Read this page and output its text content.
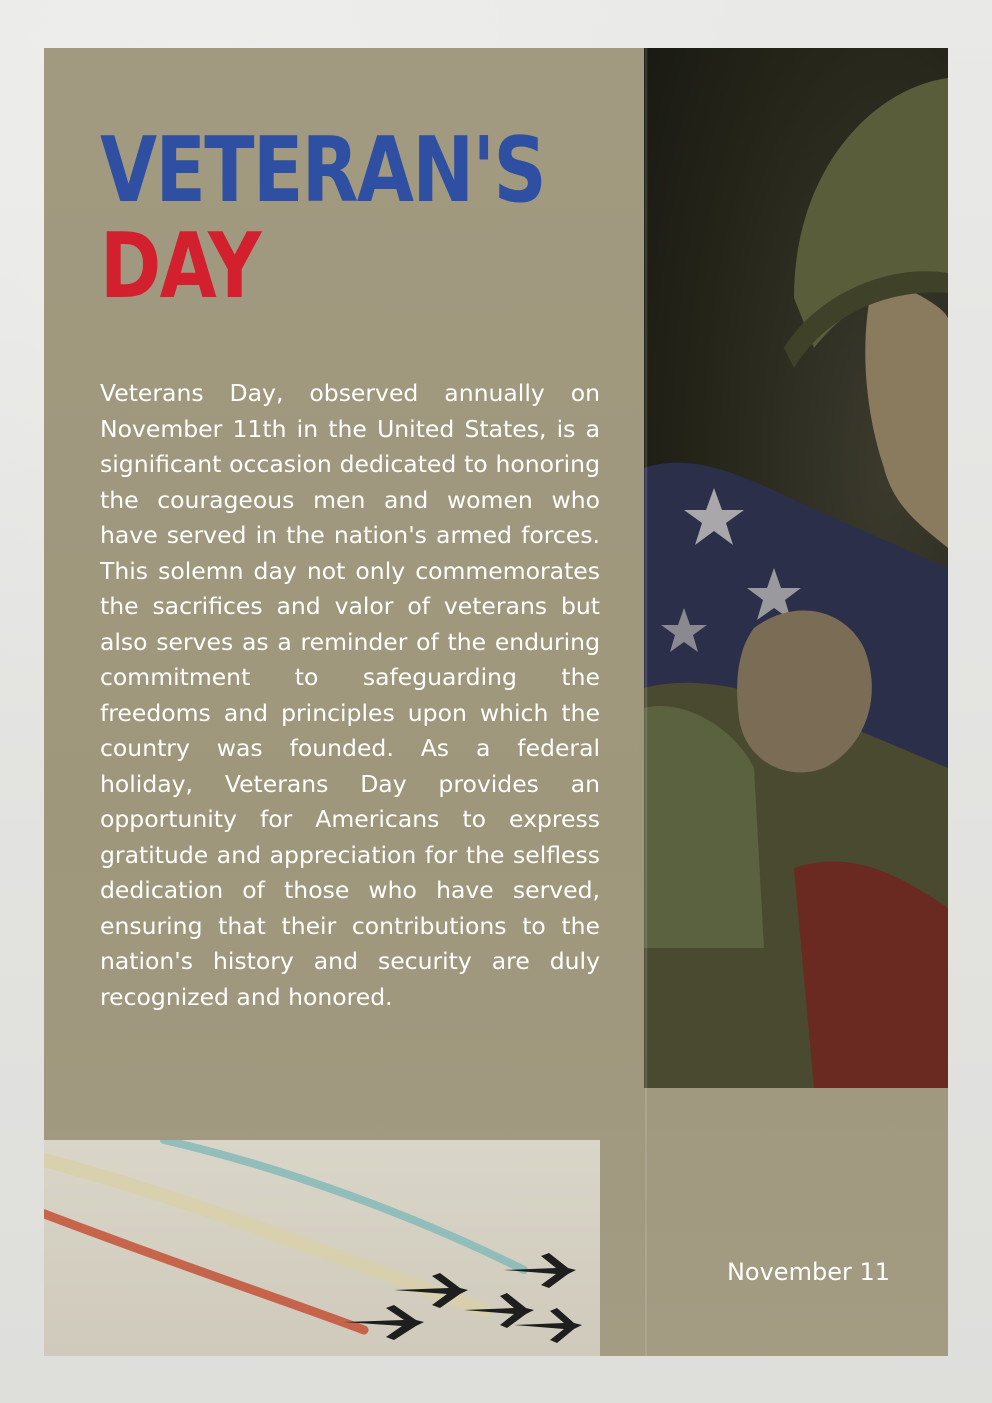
VETERAN'S
DAY

Veterans Day, observed annually on November 11th in the United States, is a significant occasion dedicated to honoring the courageous men and women who have served in the nation's armed forces. This solemn day not only commemorates the sacrifices and valor of veterans but also serves as a reminder of the enduring commitment to safeguarding the freedoms and principles upon which the country was founded. As a federal holiday, Veterans Day provides an opportunity for Americans to express gratitude and appreciation for the selfless dedication of those who have served, ensuring that their contributions to the nation's history and security are duly recognized and honored.

November 11
